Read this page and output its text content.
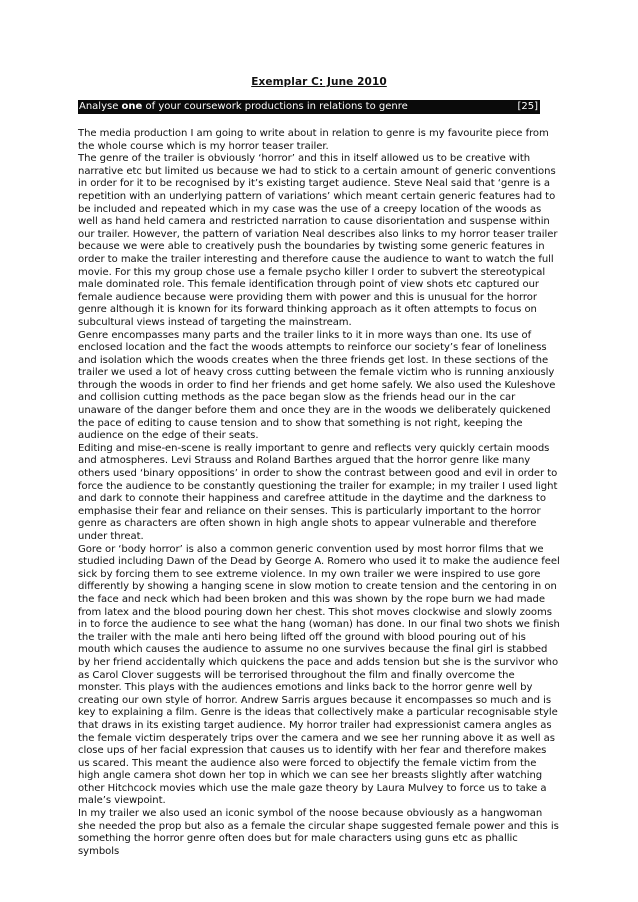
Exemplar C: June 2010
Analyse one of your coursework productions in relations to genre	[25]

The media production I am going to write about in relation to genre is my favourite piece from the whole course which is my horror teaser trailer.

The genre of the trailer is obviously ‘horror’ and this in itself allowed us to be creative with narrative etc but limited us because we had to stick to a certain amount of generic conventions in order for it to be recognised by it’s existing target audience. Steve Neal said that ‘genre is a repetition with an underlying pattern of variations’ which meant certain generic features had to be included and repeated which in my case was the use of a creepy location of the woods as well as hand held camera and restricted narration to cause disorientation and suspense within our trailer. However, the pattern of variation Neal describes also links to my horror teaser trailer because we were able to creatively push the boundaries by twisting some generic features in order to make the trailer interesting and therefore cause the audience to want to watch the full movie. For this my group chose use a female psycho killer I order to subvert the stereotypical male dominated role. This female identification through point of view shots etc captured our female audience because were providing them with power and this is unusual for the horror genre although it is known for its forward thinking approach as it often attempts to focus on subcultural views instead of targeting the mainstream.

Genre encompasses many parts and the trailer links to it in more ways than one. Its use of enclosed location and the fact the woods attempts to reinforce our society’s fear of loneliness and isolation which the woods creates when the three friends get lost. In these sections of the trailer we used a lot of heavy cross cutting between the female victim who is running anxiously through the woods in order to find her friends and get home safely. We also used the Kuleshove and collision cutting methods as the pace began slow as the friends head our in the car unaware of the danger before them and once they are in the woods we deliberately quickened the pace of editing to cause tension and to show that something is not right, keeping the audience on the edge of their seats.

Editing and mise-en-scene is really important to genre and reflects very quickly certain moods and atmospheres. Levi Strauss and Roland Barthes argued that the horror genre like many others used ‘binary oppositions’ in order to show the contrast between good and evil in order to force the audience to be constantly questioning the trailer for example; in my trailer I used light and dark to connote their happiness and carefree attitude in the daytime and the darkness to emphasise their fear and reliance on their senses. This is particularly important to the horror genre as characters are often shown in high angle shots to appear vulnerable and therefore under threat.

Gore or ‘body horror’ is also a common generic convention used by most horror films that we studied including Dawn of the Dead by George A. Romero who used it to make the audience feel sick by forcing them to see extreme violence. In my own trailer we were inspired to use gore differently by showing a hanging scene in slow motion to create tension and the centoring in on the face and neck which had been broken and this was shown by the rope burn we had made from latex and the blood pouring down her chest. This shot moves clockwise and slowly zooms in to force the audience to see what the hang (woman) has done. In our final two shots we finish the trailer with the male anti hero being lifted off the ground with blood pouring out of his mouth which causes the audience to assume no one survives because the final girl is stabbed by her friend accidentally which quickens the pace and adds tension but she is the survivor who as Carol Clover suggests will be terrorised throughout the film and finally overcome the monster. This plays with the audiences emotions and links back to the horror genre well by creating our own style of horror. Andrew Sarris argues because it encompasses so much and is key to explaining a film. Genre is the ideas that collectively make a particular recognisable style that draws in its existing target audience. My horror trailer had expressionist camera angles as the female victim desperately trips over the camera and we see her running above it as well as close ups of her facial expression that causes us to identify with her fear and therefore makes us scared. This meant the audience also were forced to objectify the female victim from the high angle camera shot down her top in which we can see her breasts slightly after watching other Hitchcock movies which use the male gaze theory by Laura Mulvey to force us to take a male’s viewpoint.

In my trailer we also used an iconic symbol of the noose because obviously as a hangwoman she needed the prop but also as a female the circular shape suggested female power and this is something the horror genre often does but for male characters using guns etc as phallic symbols
